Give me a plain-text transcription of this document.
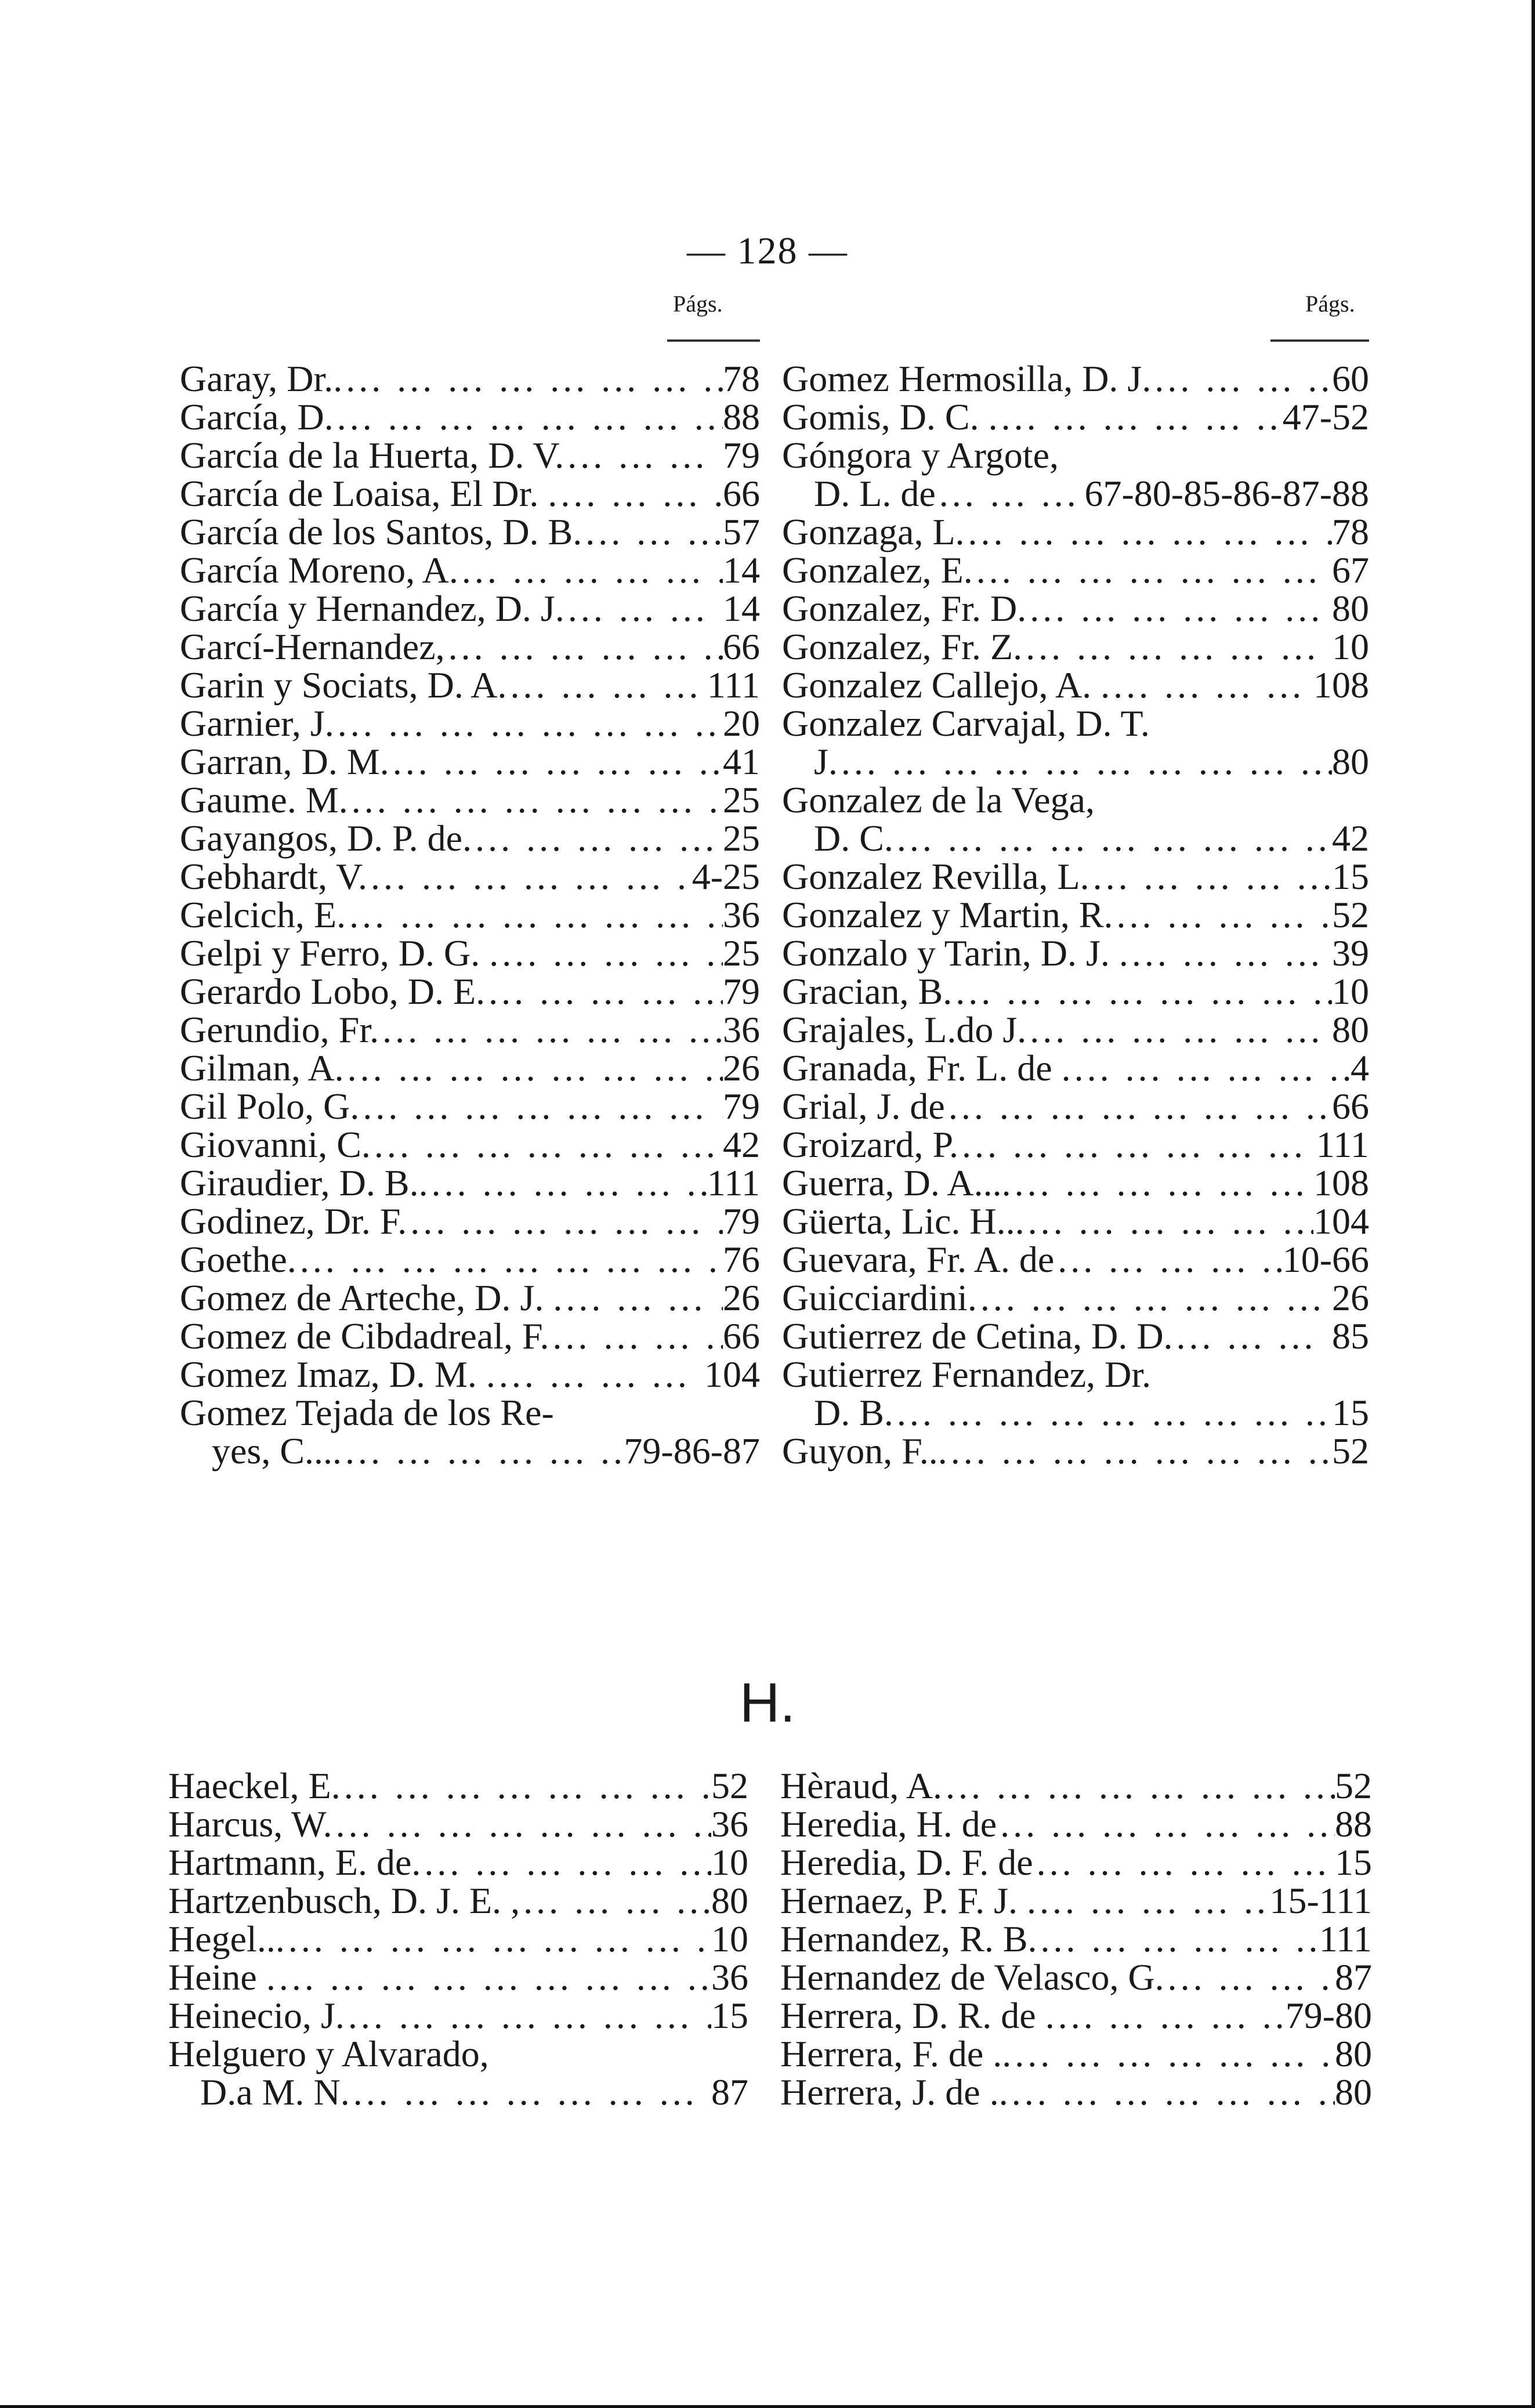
— 128 —
Págs.	Págs.
Garay, Dr.. ... .	78
García, D. ... .	88
García de la Huerta, D. V. ... .	79
García de Loaisa, El Dr. . ... .	66
García de los Santos, D. B. ... .	57
García Moreno, A. ... .	14
García y Hernandez, D. J. ... .	14
Garcí-Hernandez, ... .	66
Garin y Sociats, D. A. ... .	111
Garnier, J. ... .	20
Garran, D. M. ... .	41
Gaume. M. ... .	25
Gayangos, D. P. de. ... .	25
Gebhardt, V. ... .	4-25
Gelcich, E. ... .	36
Gelpi y Ferro, D. G. . ... .	25
Gerardo Lobo, D. E. ... .	79
Gerundio, Fr. ... .	36
Gilman, A. ... .	26
Gil Polo, G. ... .	79
Giovanni, C. ... .	42
Giraudier, D. B.. ... .	111
Godinez, Dr. F. ... .	79
Goethe. ... .	76
Gomez de Arteche, D. J. . ... .	26
Gomez de Cibdadreal, F. ... .	66
Gomez Imaz, D. M. . ... .	104
Gomez Tejada de los Re-
yes, C.... ... .	79-86-87
Gomez Hermosilla, D. J. ... .	60
Gomis, D. C. . ... .	47-52
Góngora y Argote,
D. L. de ... .	67-80-85-86-87-88
Gonzaga, L. ... .	78
Gonzalez, E. ... .	67
Gonzalez, Fr. D. ... .	80
Gonzalez, Fr. Z. ... .	10
Gonzalez Callejo, A. . ... .	108
Gonzalez Carvajal, D. T.
J. ... .	80
Gonzalez de la Vega,
D. C. ... .	42
Gonzalez Revilla, L. ... .	15
Gonzalez y Martin, R. ... .	52
Gonzalo y Tarin, D. J. . ... .	39
Gracian, B. ... .	10
Grajales, L.do J. ... .	80
Granada, Fr. L. de . ... .	4
Grial, J. de ... .	66
Groizard, P. ... .	111
Guerra, D. A.... ... .	108
Güerta, Lic. H... ... .	104
Guevara, Fr. A. de ... .	10-66
Guicciardini. ... .	26
Gutierrez de Cetina, D. D. ... .	85
Gutierrez Fernandez, Dr.
D. B. ... .	15
Guyon, F... ... .	52
H.
Haeckel, E. ... .	52
Harcus, W. ... .	36
Hartmann, E. de. ... .	10
Hartzenbusch, D. J. E. , ... .	80
Hegel... ... .	10
Heine . ... .	36
Heinecio, J. ... .	15
Helguero y Alvarado,
D.a M. N. ... .	87
Hèraud, A. ... .	52
Heredia, H. de ... .	88
Heredia, D. F. de ... .	15
Hernaez, P. F. J. . ... .	15-111
Hernandez, R. B. ... .	111
Hernandez de Velasco, G. ... .	87
Herrera, D. R. de . ... .	79-80
Herrera, F. de .. ... .	80
Herrera, J. de .. ... .	80
